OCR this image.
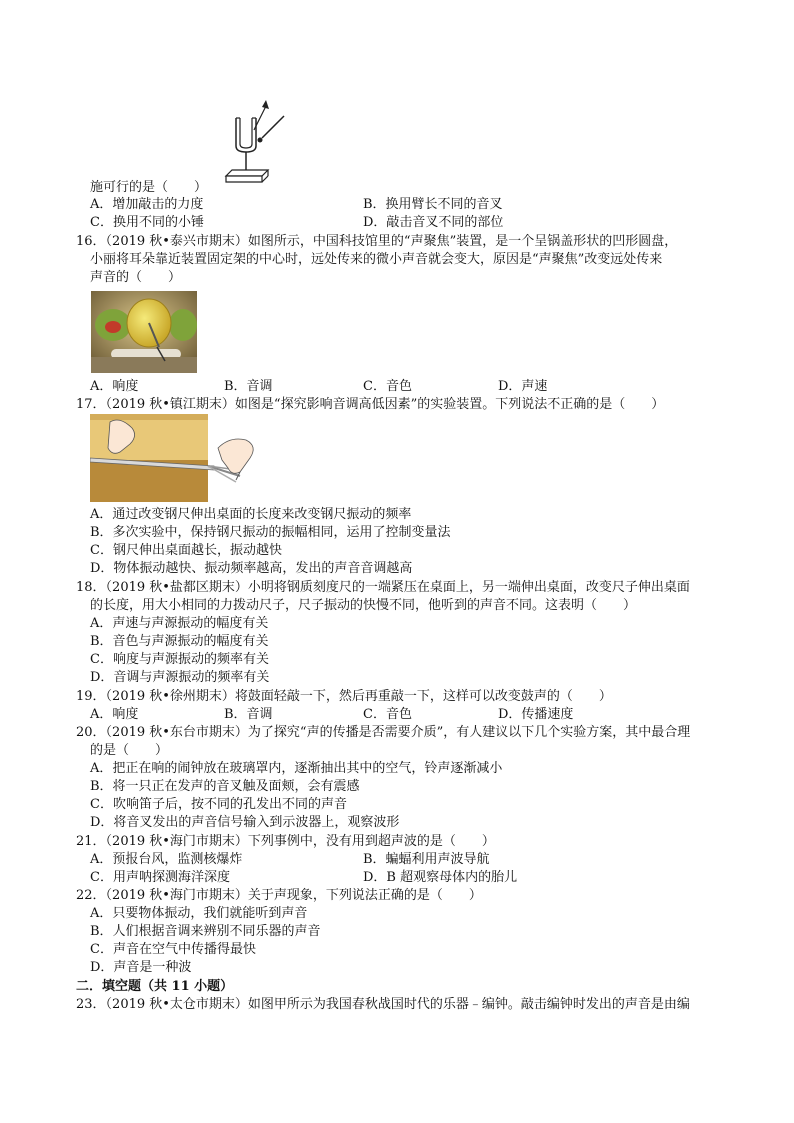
施可行的是（　　）
A．增加敲击的力度	B．换用臂长不同的音叉
C．换用不同的小锤	D．敲击音叉不同的部位
16．（2019 秋•泰兴市期末）如图所示，中国科技馆里的“声聚焦”装置，是一个呈锅盖形状的凹形圆盘，
小丽将耳朵靠近装置固定架的中心时，远处传来的微小声音就会变大，原因是“声聚焦”改变远处传来
声音的（　　）
A．响度	B．音调	C．音色	D．声速
17．（2019 秋•镇江期末）如图是“探究影响音调高低因素”的实验装置。下列说法不正确的是（　　）
A．通过改变钢尺伸出桌面的长度来改变钢尺振动的频率
B．多次实验中，保持钢尺振动的振幅相同，运用了控制变量法
C．钢尺伸出桌面越长，振动越快
D．物体振动越快、振动频率越高，发出的声音音调越高
18．（2019 秋•盐都区期末）小明将钢质刻度尺的一端紧压在桌面上，另一端伸出桌面，改变尺子伸出桌面
的长度，用大小相同的力拨动尺子，尺子振动的快慢不同，他听到的声音不同。这表明（　　）
A．声速与声源振动的幅度有关
B．音色与声源振动的幅度有关
C．响度与声源振动的频率有关
D．音调与声源振动的频率有关
19．（2019 秋•徐州期末）将鼓面轻敲一下，然后再重敲一下，这样可以改变鼓声的（　　）
A．响度	B．音调	C．音色	D．传播速度
20．（2019 秋•东台市期末）为了探究“声的传播是否需要介质”，有人建议以下几个实验方案，其中最合理
的是（　　）
A．把正在响的闹钟放在玻璃罩内，逐渐抽出其中的空气，铃声逐渐减小
B．将一只正在发声的音叉触及面颊，会有震感
C．吹响笛子后，按不同的孔发出不同的声音
D．将音叉发出的声音信号输入到示波器上，观察波形
21．（2019 秋•海门市期末）下列事例中，没有用到超声波的是（　　）
A．预报台风，监测核爆炸	B．蝙蝠利用声波导航
C．用声呐探测海洋深度	D．B 超观察母体内的胎儿
22．（2019 秋•海门市期末）关于声现象，下列说法正确的是（　　）
A．只要物体振动，我们就能听到声音
B．人们根据音调来辨别不同乐器的声音
C．声音在空气中传播得最快
D．声音是一种波
二．填空题（共 11 小题）
23．（2019 秋•太仓市期末）如图甲所示为我国春秋战国时代的乐器﹣编钟。敲击编钟时发出的声音是由编
